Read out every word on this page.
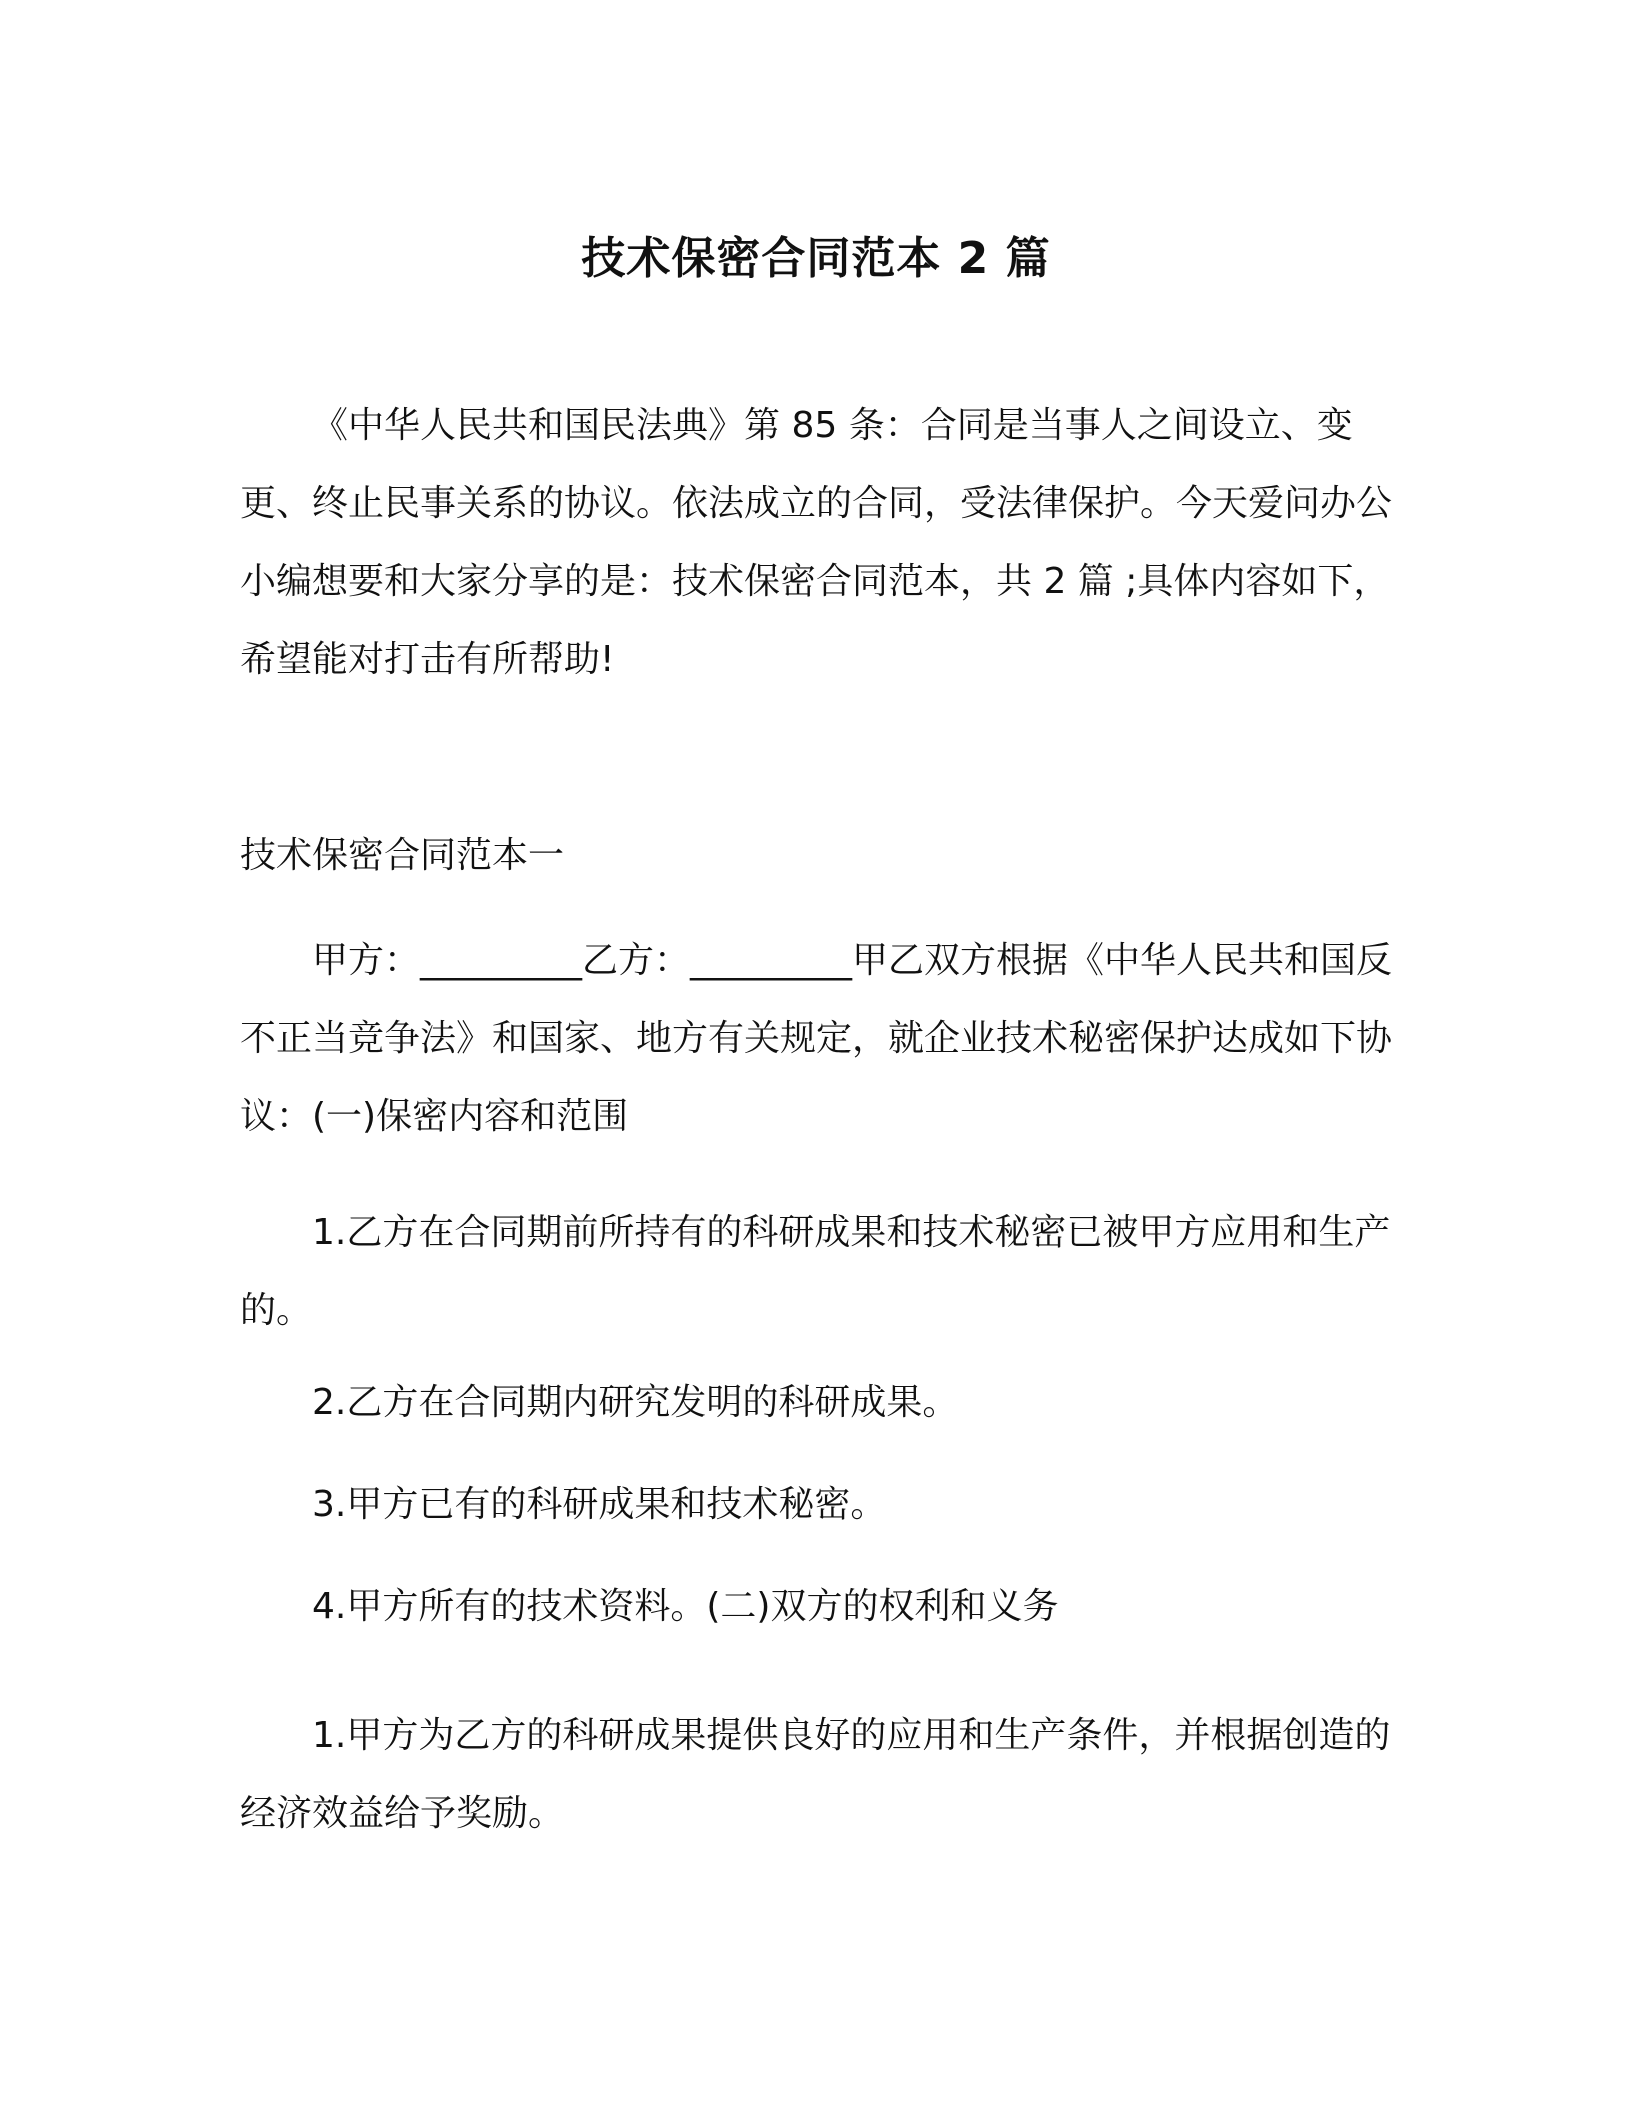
技术保密合同范本 2 篇

《中华人民共和国民法典》第 85 条：合同是当事人之间设立、变更、终止民事关系的协议。依法成立的合同，受法律保护。今天爱问办公小编想要和大家分享的是：技术保密合同范本，共 2 篇 ;具体内容如下，希望能对打击有所帮助!

技术保密合同范本一

甲方：_________乙方：_________甲乙双方根据《中华人民共和国反不正当竞争法》和国家、地方有关规定，就企业技术秘密保护达成如下协议：(一)保密内容和范围

1.乙方在合同期前所持有的科研成果和技术秘密已被甲方应用和生产的。

2.乙方在合同期内研究发明的科研成果。

3.甲方已有的科研成果和技术秘密。

4.甲方所有的技术资料。(二)双方的权利和义务

1.甲方为乙方的科研成果提供良好的应用和生产条件，并根据创造的经济效益给予奖励。
